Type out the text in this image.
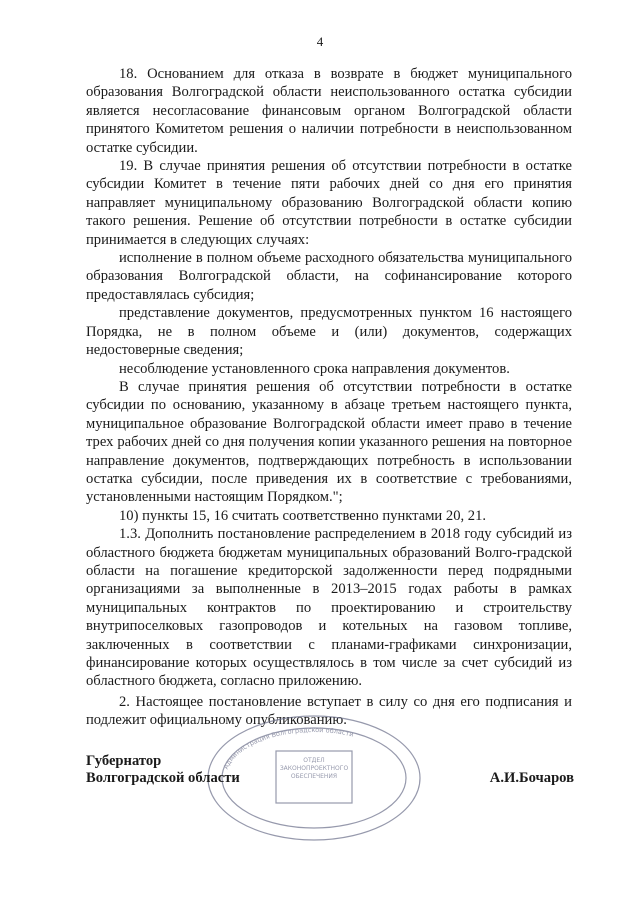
4

18. Основанием для отказа в возврате в бюджет муниципального образования Волгоградской области неиспользованного остатка субсидии является несогласование финансовым органом Волгоградской области принятого Комитетом решения о наличии потребности в неиспользованном остатке субсидии.

19. В случае принятия решения об отсутствии потребности в остатке субсидии Комитет в течение пяти рабочих дней со дня его принятия направляет муниципальному образованию Волгоградской области копию такого решения. Решение об отсутствии потребности в остатке субсидии принимается в следующих случаях:

исполнение в полном объеме расходного обязательства муниципального образования Волгоградской области, на софинансирование которого предоставлялась субсидия;

представление документов, предусмотренных пунктом 16 настоящего Порядка, не в полном объеме и (или) документов, содержащих недостоверные сведения;

несоблюдение установленного срока направления документов.

В случае принятия решения об отсутствии потребности в остатке субсидии по основанию, указанному в абзаце третьем настоящего пункта, муниципальное образование Волгоградской области имеет право в течение трех рабочих дней со дня получения копии указанного решения на повторное направление документов, подтверждающих потребность в использовании остатка субсидии, после приведения их в соответствие с требованиями, установленными настоящим Порядком.";

10) пункты 15, 16 считать соответственно пунктами 20, 21.

1.3. Дополнить постановление распределением в 2018 году субсидий из областного бюджета бюджетам муниципальных образований Волго-градской области на погашение кредиторской задолженности перед подрядными организациями за выполненные в 2013–2015 годах работы в рамках муниципальных контрактов по проектированию и строительству внутрипоселковых газопроводов и котельных на газовом топливе, заключенных в соответствии с планами-графиками синхронизации, финансирование которых осуществлялось в том числе за счет субсидий из областного бюджета, согласно приложению.

2. Настоящее постановление вступает в силу со дня его подписания и подлежит официальному опубликованию.

Администрация Волгоградской области
ОТДЕЛ ЗАКОНОПРОЕКТНОГО ОБЕСПЕЧЕНИЯ
Губернатор
Волгоградской области	А.И.Бочаров
